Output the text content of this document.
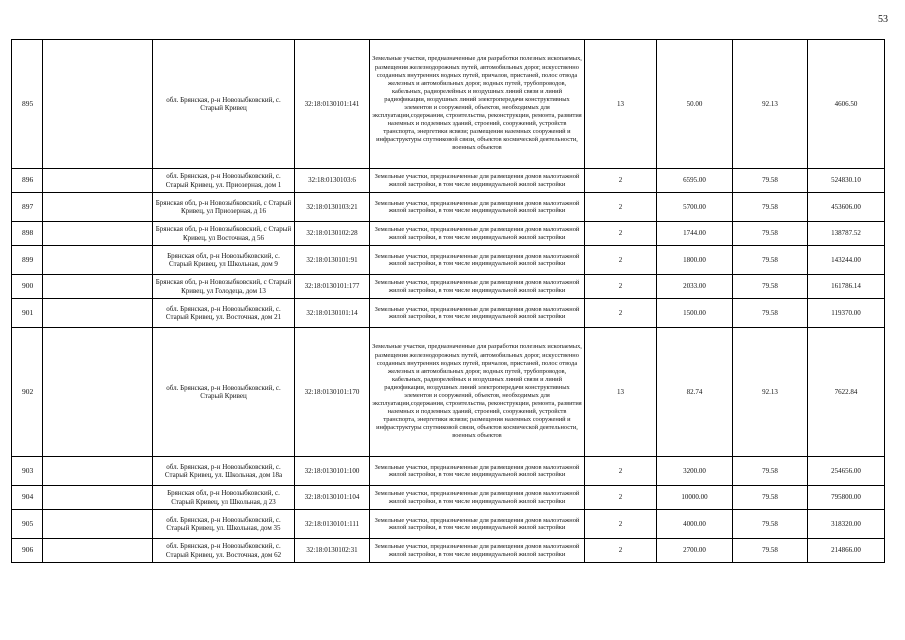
53
895		обл. Брянская, р-н Новозыбковский, с. Старый Кривец	32:18:0130101:141	Земельные участки, предназначенные для разработки полезных ископаемых, размещения железнодорожных путей, автомобильных дорог, искусственно созданных внутренних водных путей, причалов, пристаней, полос отвода железных и автомобильных дорог, водных путей, трубопроводов, кабельных, радиорелейных и воздушных линий связи и линий радиофикации, воздушных линий электропередачи конструктивных элементов и сооружений, объектов, необходимых для эксплуатации,содержания, строительства, реконструкции, ремонта, развития наземных и подземных зданий, строений, сооружений, устройств транспорта, энергетики ясвязи; размещения наземных сооружений и инфраструктуры спутниковой связи, объектов космической деятельности, военных объектов	13	50.00	92.13	4606.50
896		обл. Брянская, р-н Новозыбковский, с. Старый Кривец, ул. Приозерная, дом 1	32:18:0130103:6	Земельные участки, предназначенные для размещения домов малоэтажной жилой застройки, в том числе индивидуальной жилой застройки	2	6595.00	79.58	524830.10
897		Брянская обл, р-н Новозыбковский, с Старый Кривец, ул Приозерная, д 16	32:18:0130103:21	Земельные участки, предназначенные для размещения домов малоэтажной жилой застройки, в том числе индивидуальной жилой застройки	2	5700.00	79.58	453606.00
898		Брянская обл, р-н Новозыбковский, с Старый Кривец, ул Восточная, д 56	32:18:0130102:28	Земельные участки, предназначенные для размещения домов малоэтажной жилой застройки, в том числе индивидуальной жилой застройки	2	1744.00	79.58	138787.52
899		Брянская обл, р-н Новозыбковский, с. Старый Кривец, ул Школьная, дом 9	32:18:0130101:91	Земельные участки, предназначенные для размещения домов малоэтажной жилой застройки, в том числе индивидуальной жилой застройки	2	1800.00	79.58	143244.00
900		Брянская обл, р-н Новозыбковский, с Старый Кривец, ул Голодеца, дом 13	32:18:0130101:177	Земельные участки, предназначенные для размещения домов малоэтажной жилой застройки, в том числе индивидуальной жилой застройки	2	2033.00	79.58	161786.14
901		обл. Брянская, р-н Новозыбковский, с. Старый Кривец, ул. Восточная, дом 21	32:18:0130101:14	Земельные участки, предназначенные для размещения домов малоэтажной жилой застройки, в том числе индивидуальной жилой застройки	2	1500.00	79.58	119370.00
902		обл. Брянская, р-н Новозыбковский, с. Старый Кривец	32:18:0130101:170	Земельные участки, предназначенные для разработки полезных ископаемых, размещения железнодорожных путей, автомобильных дорог, искусственно созданных внутренних водных путей, причалов, пристаней, полос отвода железных и автомобильных дорог, водных путей, трубопроводов, кабельных, радиорелейных и воздушных линий связи и линий радиофикации, воздушных линий электропередачи конструктивных элементов и сооружений, объектов, необходимых для эксплуатации,содержания, строительства, реконструкции, ремонта, развития наземных и подземных зданий, строений, сооружений, устройств транспорта, энергетики ясвязи; размещения наземных сооружений и инфраструктуры спутниковой связи, объектов космической деятельности, военных объектов	13	82.74	92.13	7622.84
903		обл. Брянская, р-н Новозыбковский, с. Старый Кривец, ул. Школьная, дом 18а	32:18:0130101:100	Земельные участки, предназначенные для размещения домов малоэтажной жилой застройки, в том числе индивидуальной жилой застройки	2	3200.00	79.58	254656.00
904		Брянская обл, р-н Новозыбковский, с. Старый Кривец, ул Школьная, д 23	32:18:0130101:104	Земельные участки, предназначенные для размещения домов малоэтажной жилой застройки, в том числе индивидуальной жилой застройки	2	10000.00	79.58	795800.00
905		обл. Брянская, р-н Новозыбковский, с. Старый Кривец, ул. Школьная, дом 35	32:18:0130101:111	Земельные участки, предназначенные для размещения домов малоэтажной жилой застройки, в том числе индивидуальной жилой застройки	2	4000.00	79.58	318320.00
906		обл. Брянская, р-н Новозыбковский, с. Старый Кривец, ул. Восточная, дом 62	32:18:0130102:31	Земельные участки, предназначенные для размещения домов малоэтажной жилой застройки, в том числе индивидуальной жилой застройки	2	2700.00	79.58	214866.00
